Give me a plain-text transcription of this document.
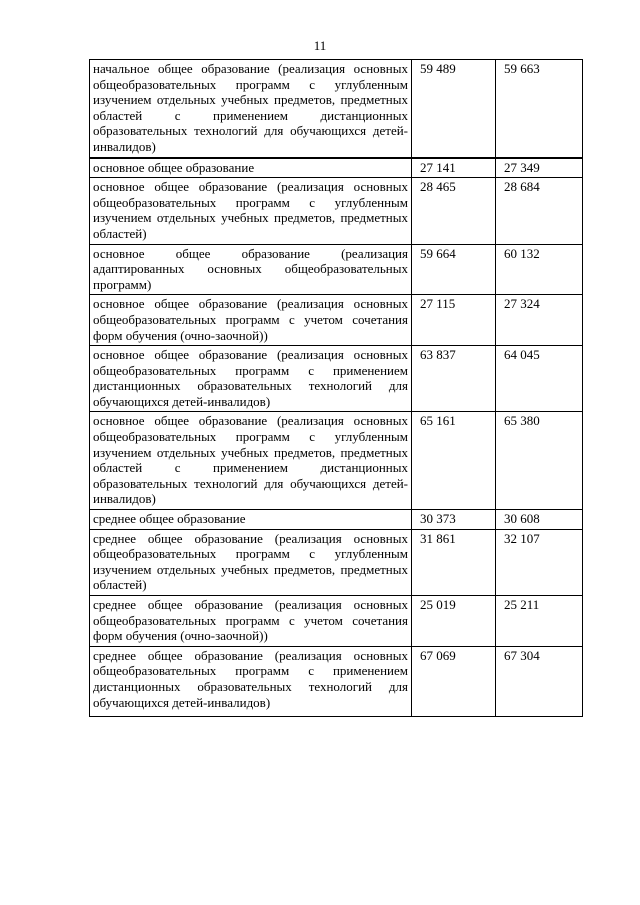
11
начальное общее образование (реализация основных общеобразовательных программ с углубленным изучением отдельных учебных предметов, предметных областей с применением дистанционных образовательных технологий для обучающихся детей-инвалидов)	59 489	59 663
основное общее образование	27 141	27 349
основное общее образование (реализация основных общеобразовательных программ с углубленным изучением отдельных учебных предметов, предметных областей)	28 465	28 684
основное общее образование (реализация адаптированных основных общеобразовательных программ)	59 664	60 132
основное общее образование (реализация основных общеобразовательных программ с учетом сочетания форм обучения (очно-заочной))	27 115	27 324
основное общее образование (реализация основных общеобразовательных программ с применением дистанционных образовательных технологий для обучающихся детей-инвалидов)	63 837	64 045
основное общее образование (реализация основных общеобразовательных программ с углубленным изучением отдельных учебных предметов, предметных областей с применением дистанционных образовательных технологий для обучающихся детей-инвалидов)	65 161	65 380
среднее общее образование	30 373	30 608
среднее общее образование (реализация основных общеобразовательных программ с углубленным изучением отдельных учебных предметов, предметных областей)	31 861	32 107
среднее общее образование (реализация основных общеобразовательных программ с учетом сочетания форм обучения (очно-заочной))	25 019	25 211
среднее общее образование (реализация основных общеобразовательных программ с применением дистанционных образовательных технологий для обучающихся детей-инвалидов)	67 069	67 304
